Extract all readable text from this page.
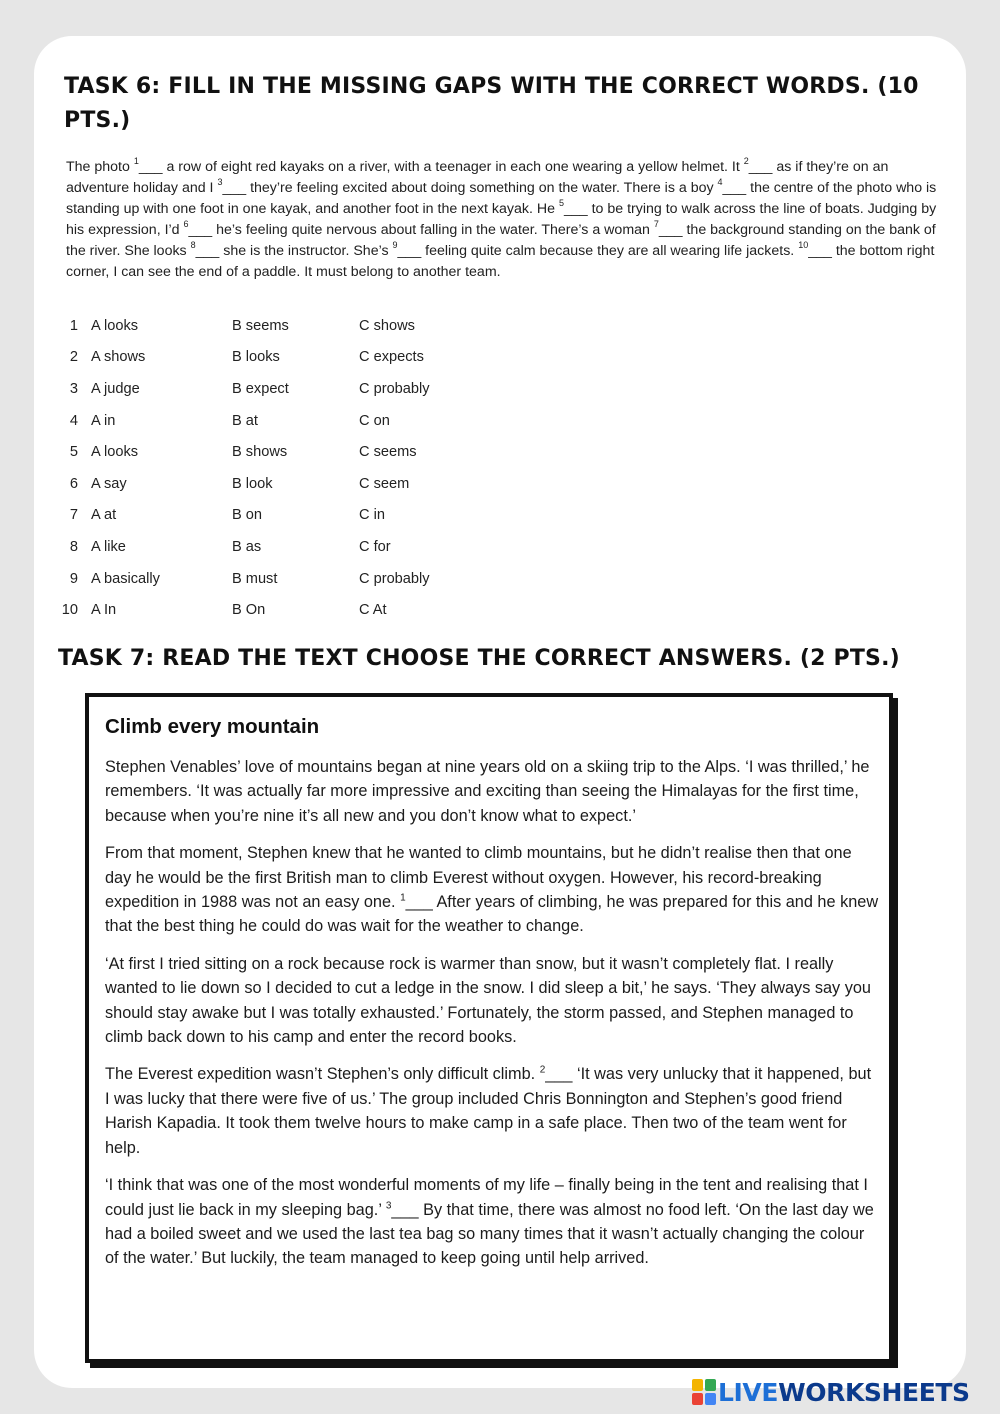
TASK 6: FILL IN THE MISSING GAPS WITH THE CORRECT WORDS. (10 PTS.)
The photo $^1$___ a row of eight red kayaks on a river, with a teenager in each one wearing a yellow helmet. It $^2$___ as if they’re on an adventure holiday and I $^3$___ they’re feeling excited about doing something on the water. There is a boy $^4$___ the centre of the photo who is standing up with one foot in one kayak, and another foot in the next kayak. He $^5$___ to be trying to walk across the line of boats. Judging by his expression, I’d $^6$___ he’s feeling quite nervous about falling in the water. There’s a woman $^7$___ the background standing on the bank of the river. She looks $^8$___ she is the instructor. She’s $^9$___ feeling quite calm because they are all wearing life jackets. $^{10}$___ the bottom right corner, I can see the end of a paddle. It must belong to another team.
1 A looks	B seems	C shows
2 A shows	B looks	C expects
3 A judge	B expect	C probably
4 A in	B at	C on
5 A looks	B shows	C seems
6 A say	B look	C seem
7 A at	B on	C in
8 A like	B as	C for
9 A basically	B must	C probably
10 A In	B On	C At
TASK 7: READ THE TEXT CHOOSE THE CORRECT ANSWERS. (2 PTS.)
Climb every mountain

Stephen Venables’ love of mountains began at nine years old on a skiing trip to the Alps. ‘I was thrilled,’ he remembers. ‘It was actually far more impressive and exciting than seeing the Himalayas for the first time, because when you’re nine it’s all new and you don’t know what to expect.’

From that moment, Stephen knew that he wanted to climb mountains, but he didn’t realise then that one day he would be the first British man to climb Everest without oxygen. However, his record-breaking expedition in 1988 was not an easy one. $^1$___ After years of climbing, he was prepared for this and he knew that the best thing he could do was wait for the weather to change.

‘At first I tried sitting on a rock because rock is warmer than snow, but it wasn’t completely flat. I really wanted to lie down so I decided to cut a ledge in the snow. I did sleep a bit,’ he says. ‘They always say you should stay awake but I was totally exhausted.’ Fortunately, the storm passed, and Stephen managed to climb back down to his camp and enter the record books.

The Everest expedition wasn’t Stephen’s only difficult climb. $^2$___ ‘It was very unlucky that it happened, but I was lucky that there were five of us.’ The group included Chris Bonnington and Stephen’s good friend Harish Kapadia. It took them twelve hours to make camp in a safe place. Then two of the team went for help.

‘I think that was one of the most wonderful moments of my life – finally being in the tent and realising that I could just lie back in my sleeping bag.’ $^3$___ By that time, there was almost no food left. ‘On the last day we had a boiled sweet and we used the last tea bag so many times that it wasn’t actually changing the colour of the water.’ But luckily, the team managed to keep going until help arrived.

LIVEWORKSHEETS
